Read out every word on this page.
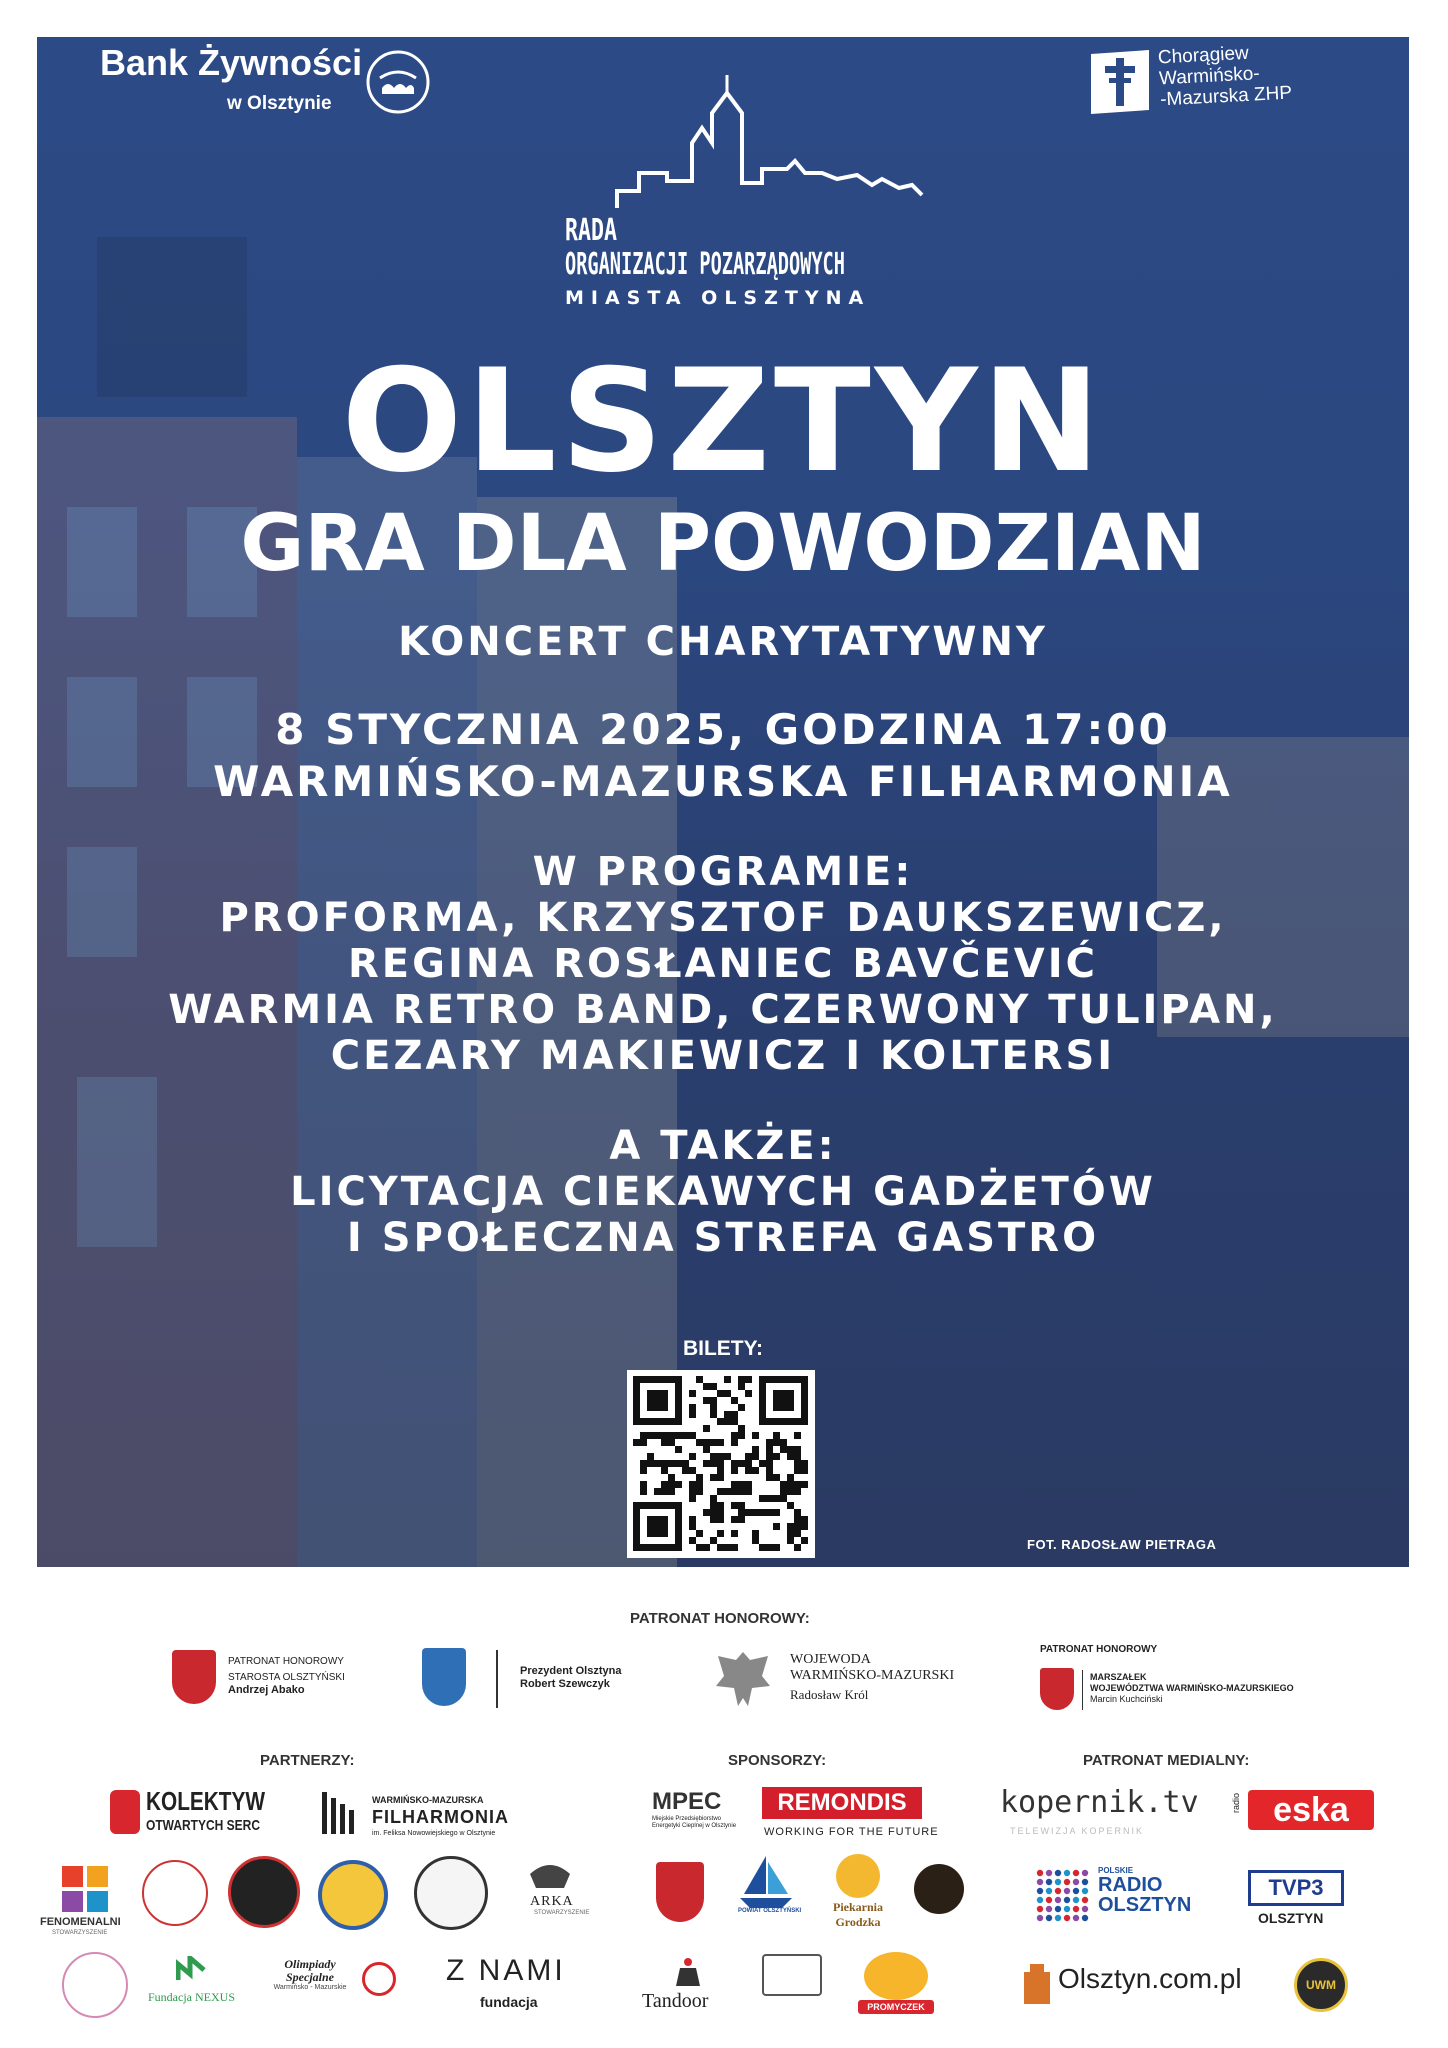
Bank Żywności
w Olsztynie
Chorągiew
Warmińsko-
-Mazurska ZHP
RADA
ORGANIZACJI POZARZĄDOWYCH
MIASTA OLSZTYNA
OLSZTYN
GRA DLA POWODZIAN
KONCERT CHARYTATYWNY
8 STYCZNIA 2025, GODZINA 17:00
WARMIŃSKO-MAZURSKA FILHARMONIA
W PROGRAMIE:
PROFORMA, KRZYSZTOF DAUKSZEWICZ,
REGINA ROSŁANIEC BAVČEVIĆ
WARMIA RETRO BAND, CZERWONY TULIPAN,
CEZARY MAKIEWICZ I KOLTERSI
A TAKŻE:
LICYTACJA CIEKAWYCH GADŻETÓW
I SPOŁECZNA STREFA GASTRO
BILETY:
FOT. RADOSŁAW PIETRAGA
PATRONAT HONOROWY:
PATRONAT HONOROWY
STAROSTA OLSZTYŃSKI
Andrzej Abako
Prezydent Olsztyna
Robert Szewczyk
WOJEWODA
WARMIŃSKO-MAZURSKI
Radosław Król
PATRONAT HONOROWY
MARSZAŁEK
WOJEWÓDZTWA WARMIŃSKO-MAZURSKIEGO
Marcin Kuchciński
PARTNERZY:	SPONSORZY:	PATRONAT MEDIALNY:
KOLEKTYW
OTWARTYCH SERC
WARMIŃSKO-MAZURSKA
FILHARMONIA
im. Feliksa Nowowiejskiego w Olsztynie
MPEC
Miejskie Przedsiębiorstwo Energetyki Cieplnej w Olsztynie
REMONDIS
WORKING FOR THE FUTURE
kopernik.tv
TELEWIZJA KOPERNIK
radio eska
FENOMENALNI
STOWARZYSZENIE
ARKA
STOWARZYSZENIE	POWIAT OLSZTYŃSKI	Piekarnia
Grodzka
POLSKIE
RADIO
OLSZTYN
TVP3
OLSZTYN
Fundacja NEXUS
Olimpiady
Specjalne
Warmińsko - Mazurskie
Z NAMI
fundacja	Tandoor	PROMYCZEK
Olsztyn.com.pl	UWM
